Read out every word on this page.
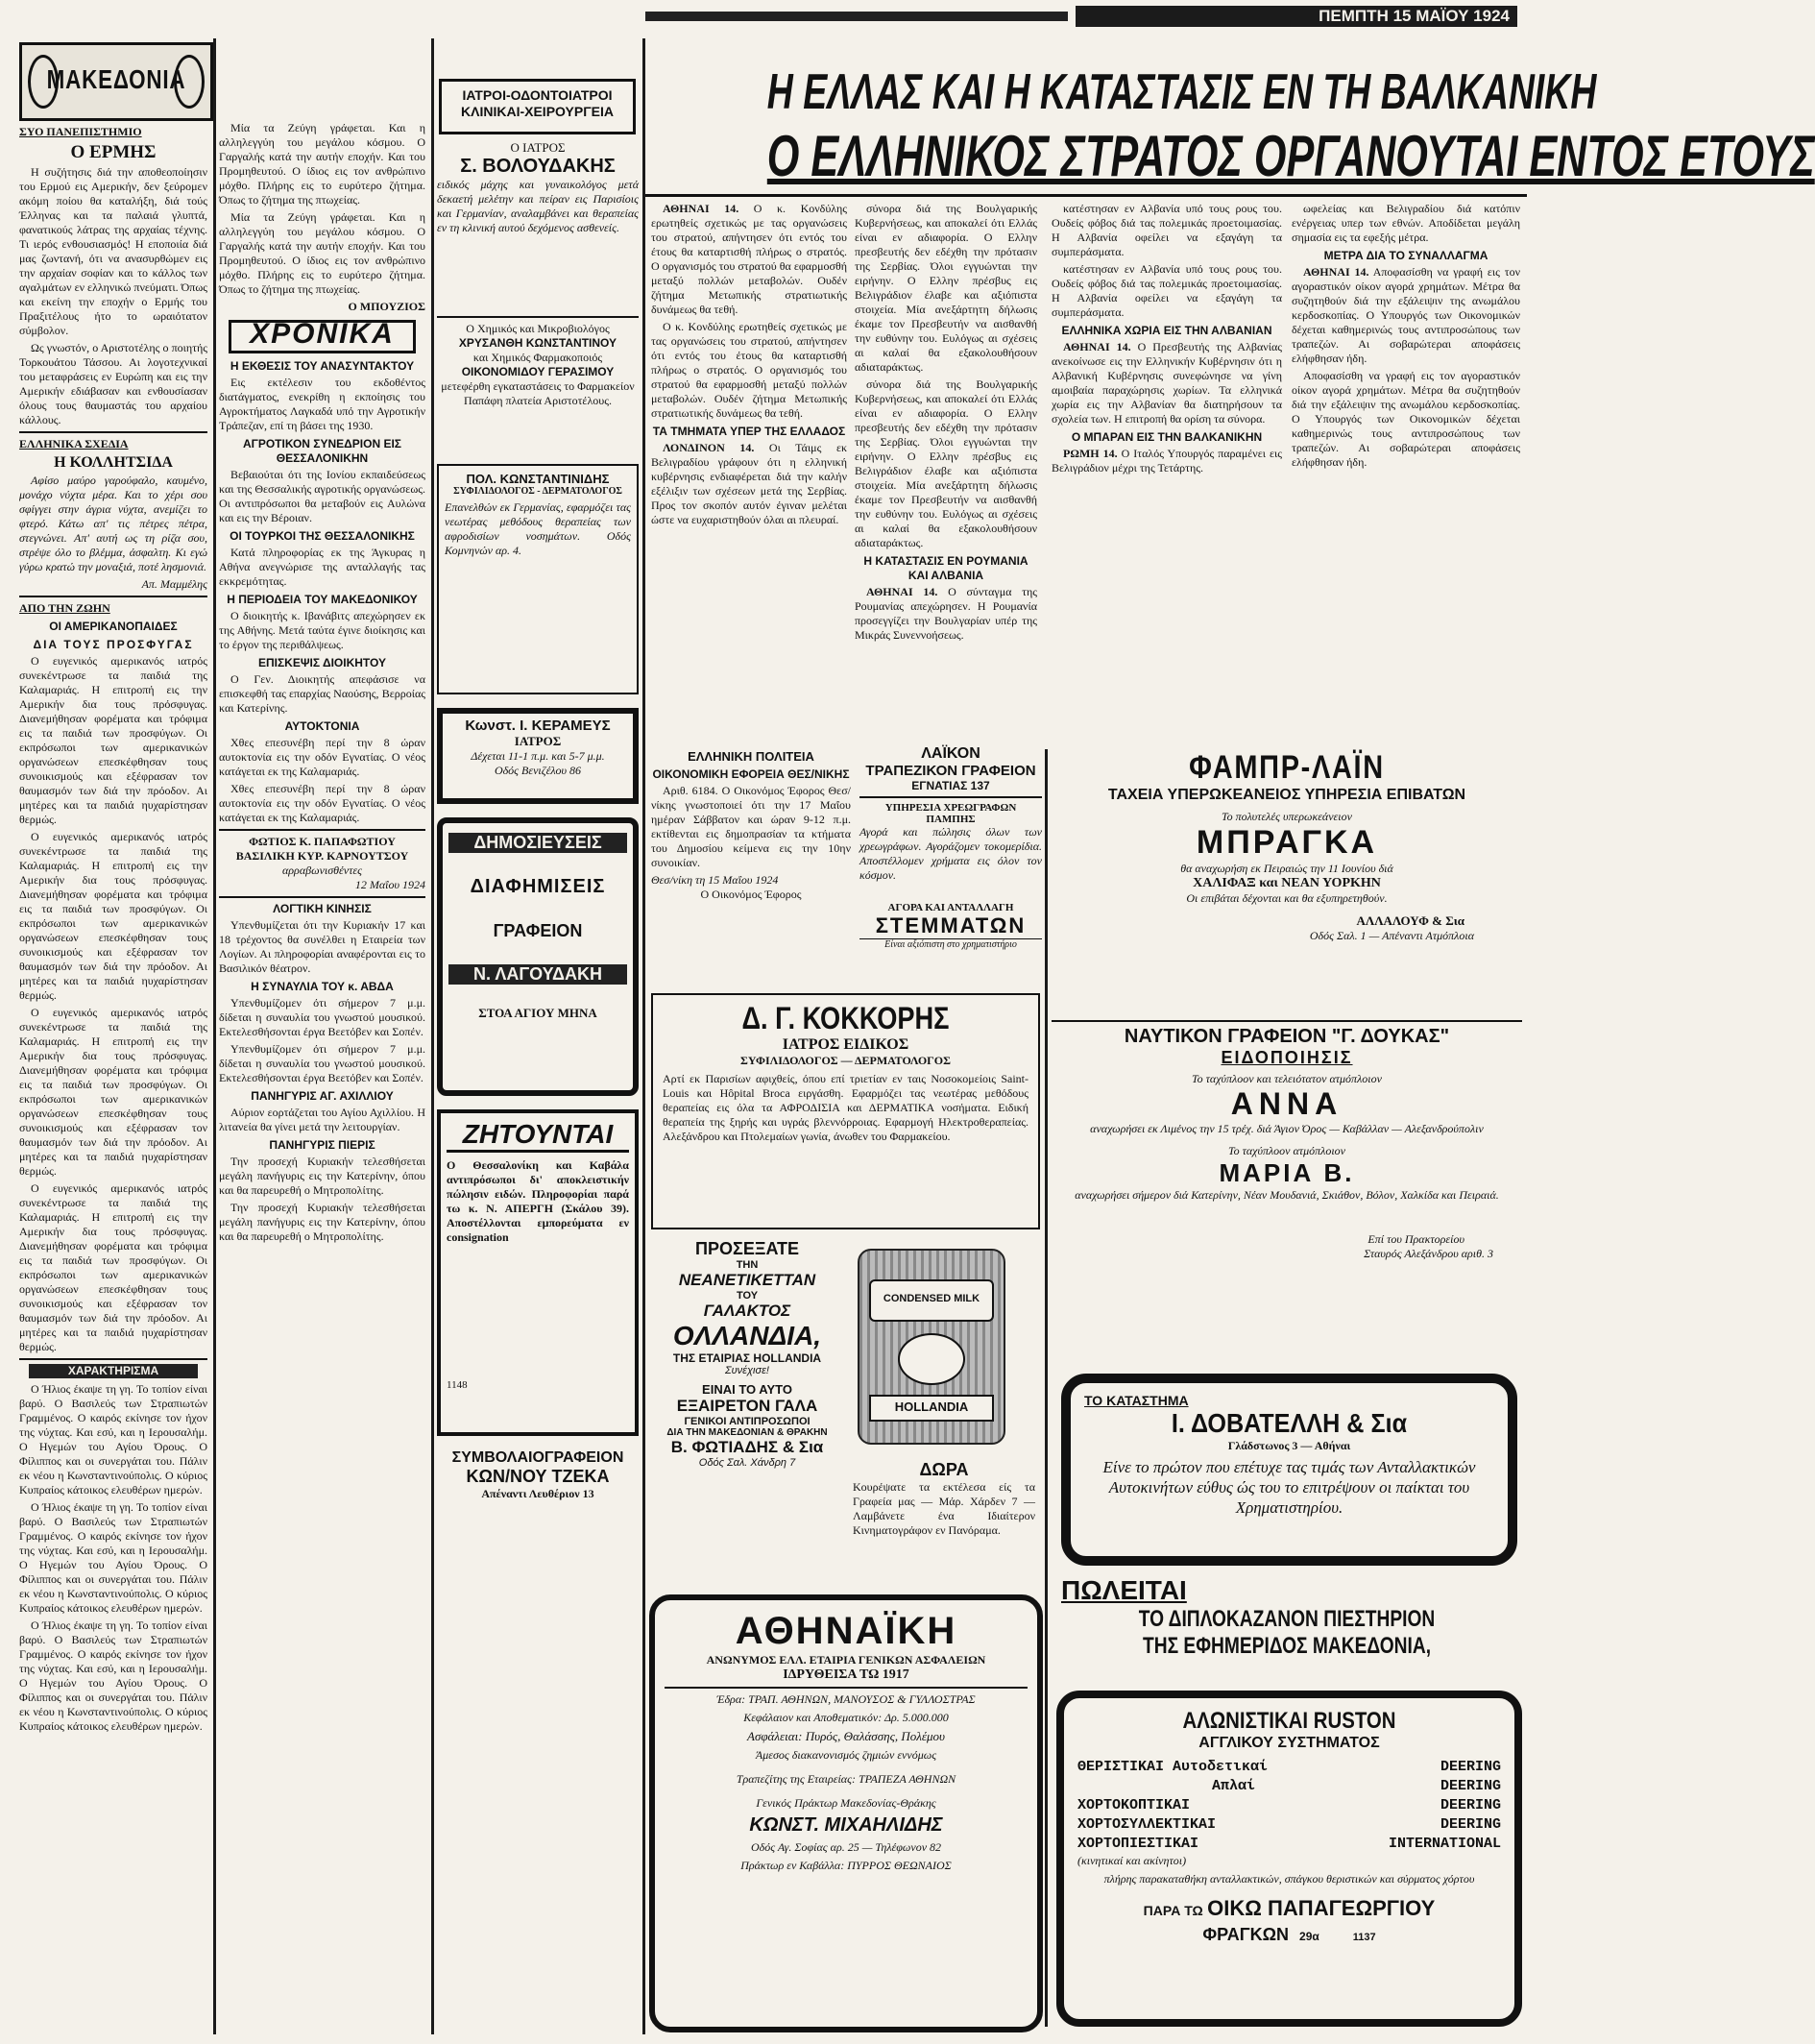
ΠΕΜΠΤΗ 15 ΜΑΪΟΥ 1924
ΜΑΚΕΔΟΝΙΑ	Η ΕΛΛΑΣ ΚΑΙ Η ΚΑΤΑΣΤΑΣΙΣ ΕΝ ΤΗ ΒΑΛΚΑΝΙΚΗ
Ο ΕΛΛΗΝΙΚΟΣ ΣΤΡΑΤΟΣ ΟΡΓΑΝΟΥΤΑΙ ΕΝΤΟΣ ΕΤΟΥΣ
ΣΥΟ ΠΑΝΕΠΙΣΤΗΜΙΟ
Ο ΕΡΜΗΣ

Η συζήτησις διά την αποθεοποίησιν του Ερμού εις Αμερικήν, δεν ξεύρομεν ακόμη ποίου θα καταλήξη, διά τούς Έλληνας και τα παλαιά γλυπτά, φανατικούς λάτρας της αρχαίας τέχνης. Τι ιερός ενθουσιασμός! Η εποποιία διά μας ζωντανή, ότι να ανασυρθώμεν εις την αρχαίαν σοφίαν και το κάλλος των αγαλμάτων εν ελληνικώ πνεύματι. Όπως και εκείνη την εποχήν ο Ερμής του Πραξιτέλους ήτο το ωραιότατον σύμβολον.

Ως γνωστόν, ο Αριστοτέλης ο ποιητής Τορκουάτου Τάσσου. Αι λογοτεχνικαί του μεταφράσεις εν Ευρώπη και εις την Αμερικήν εδιάβασαν και ενθουσίασαν όλους τους θαυμαστάς του αρχαίου κάλλους.

ΕΛΛΗΝΙΚΑ ΣΧΕΔΙΑ
Η ΚΟΛΛΗΤΣΙΔΑ

Αφίσο μαύρο γαρούφαλο, καυμένο, μονάχο νύχτα μέρα. Και το χέρι σου σφίγγει στην άγρια νύχτα, ανεμίζει το φτερό. Κάτω απ' τις πέτρες πέτρα, στεγνώνει. Απ' αυτή ως τη ρίζα σου, στρέψε όλο το βλέμμα, άσφαλτη. Κι εγώ γύρω κρατώ την μοναξιά, ποτέ λησμονιά.

Απ. Μαμμέλης
ΑΠΟ ΤΗΝ ΖΩΗΝ
ΟΙ ΑΜΕΡΙΚΑΝΟΠΑΙΔΕΣ
ΔΙΑ ΤΟΥΣ ΠΡΟΣΦΥΓΑΣ

Ο ευγενικός αμερικανός ιατρός συνεκέντρωσε τα παιδιά της Καλαμαριάς. Η επιτροπή εις την Αμερικήν δια τους πρόσφυγας. Διανεμήθησαν φορέματα και τρόφιμα εις τα παιδιά των προσφύγων. Οι εκπρόσωποι των αμερικανικών οργανώσεων επεσκέφθησαν τους συνοικισμούς και εξέφρασαν τον θαυμασμόν των διά την πρόοδον. Αι μητέρες και τα παιδιά ηυχαρίστησαν θερμώς.

Ο ευγενικός αμερικανός ιατρός συνεκέντρωσε τα παιδιά της Καλαμαριάς. Η επιτροπή εις την Αμερικήν δια τους πρόσφυγας. Διανεμήθησαν φορέματα και τρόφιμα εις τα παιδιά των προσφύγων. Οι εκπρόσωποι των αμερικανικών οργανώσεων επεσκέφθησαν τους συνοικισμούς και εξέφρασαν τον θαυμασμόν των διά την πρόοδον. Αι μητέρες και τα παιδιά ηυχαρίστησαν θερμώς.

Ο ευγενικός αμερικανός ιατρός συνεκέντρωσε τα παιδιά της Καλαμαριάς. Η επιτροπή εις την Αμερικήν δια τους πρόσφυγας. Διανεμήθησαν φορέματα και τρόφιμα εις τα παιδιά των προσφύγων. Οι εκπρόσωποι των αμερικανικών οργανώσεων επεσκέφθησαν τους συνοικισμούς και εξέφρασαν τον θαυμασμόν των διά την πρόοδον. Αι μητέρες και τα παιδιά ηυχαρίστησαν θερμώς.

Ο ευγενικός αμερικανός ιατρός συνεκέντρωσε τα παιδιά της Καλαμαριάς. Η επιτροπή εις την Αμερικήν δια τους πρόσφυγας. Διανεμήθησαν φορέματα και τρόφιμα εις τα παιδιά των προσφύγων. Οι εκπρόσωποι των αμερικανικών οργανώσεων επεσκέφθησαν τους συνοικισμούς και εξέφρασαν τον θαυμασμόν των διά την πρόοδον. Αι μητέρες και τα παιδιά ηυχαρίστησαν θερμώς.

ΧΑΡΑΚΤΗΡΙΣΜΑ

Ο Ήλιος έκαψε τη γη. Το τοπίον είναι βαρύ. Ο Βασιλεύς των Στραπιωτών Γραμμένος. Ο καιρός εκίνησε τον ήχον της νύχτας. Και εσύ, και η Ιερουσαλήμ. Ο Ηγεμών του Αγίου Όρους. Ο Φίλιππος και οι συνεργάται του. Πάλιν εκ νέου η Κωνσταντινούπολις. Ο κύριος Κυπραίος κάτοικος ελευθέρων ημερών.

Ο Ήλιος έκαψε τη γη. Το τοπίον είναι βαρύ. Ο Βασιλεύς των Στραπιωτών Γραμμένος. Ο καιρός εκίνησε τον ήχον της νύχτας. Και εσύ, και η Ιερουσαλήμ. Ο Ηγεμών του Αγίου Όρους. Ο Φίλιππος και οι συνεργάται του. Πάλιν εκ νέου η Κωνσταντινούπολις. Ο κύριος Κυπραίος κάτοικος ελευθέρων ημερών.

Ο Ήλιος έκαψε τη γη. Το τοπίον είναι βαρύ. Ο Βασιλεύς των Στραπιωτών Γραμμένος. Ο καιρός εκίνησε τον ήχον της νύχτας. Και εσύ, και η Ιερουσαλήμ. Ο Ηγεμών του Αγίου Όρους. Ο Φίλιππος και οι συνεργάται του. Πάλιν εκ νέου η Κωνσταντινούπολις. Ο κύριος Κυπραίος κάτοικος ελευθέρων ημερών.

ΙΑΤΡΟΙ-ΟΔΟΝΤΟΙΑΤΡΟΙ ΚΛΙΝΙΚΑΙ-ΧΕΙΡΟΥΡΓΕΙΑ

Μία τα Ζεύγη γράφεται. Και η αλληλεγγύη του μεγάλου κόσμου. Ο Γαργαλής κατά την αυτήν εποχήν. Και του Προμηθευτού. Ο ίδιος εις τον ανθρώπινο μόχθο. Πλήρης εις το ευρύτερο ζήτημα. Όπως το ζήτημα της πτωχείας.

Μία τα Ζεύγη γράφεται. Και η αλληλεγγύη του μεγάλου κόσμου. Ο Γαργαλής κατά την αυτήν εποχήν. Και του Προμηθευτού. Ο ίδιος εις τον ανθρώπινο μόχθο. Πλήρης εις το ευρύτερο ζήτημα. Όπως το ζήτημα της πτωχείας.

Ο ΜΠΟΥΖΙΟΣ
ΧΡΟΝΙΚΑ
Η ΕΚΘΕΣΙΣ ΤΟΥ ΑΝΑΣΥΝΤΑΚΤΟΥ

Εις εκτέλεσιν του εκδοθέντος διατάγματος, ενεκρίθη η εκποίησις του Αγροκτήματος Λαγκαδά υπό την Αγροτικήν Τράπεζαν, επί τη βάσει της 1930.

ΑΓΡΟΤΙΚΟΝ ΣΥΝΕΔΡΙΟΝ ΕΙΣ ΘΕΣΣΑΛΟΝΙΚΗΝ

Βεβαιούται ότι της Ιονίου εκπαιδεύσεως και της Θεσσαλικής αγροτικής οργανώσεως. Οι αντιπρόσωποι θα μεταβούν εις Αυλώνα και εις την Βέροιαν.

ΟΙ ΤΟΥΡΚΟΙ ΤΗΣ ΘΕΣΣΑΛΟΝΙΚΗΣ

Κατά πληροφορίας εκ της Άγκυρας η Αθήνα ανεγνώρισε της ανταλλαγής τας εκκρεμότητας.

Η ΠΕΡΙΟΔΕΙΑ ΤΟΥ ΜΑΚΕΔΟΝΙΚΟΥ

Ο διοικητής κ. Ιβανάβιτς απεχώρησεν εκ της Αθήνης. Μετά ταύτα έγινε διοίκησις και το έργον της περιθάλψεως.

ΕΠΙΣΚΕΨΙΣ ΔΙΟΙΚΗΤΟΥ

Ο Γεν. Διοικητής απεφάσισε να επισκεφθή τας επαρχίας Ναούσης, Βερροίας και Κατερίνης.

ΑΥΤΟΚΤΟΝΙΑ

Χθες επεσυνέβη περί την 8 ώραν αυτοκτονία εις την οδόν Εγνατίας. Ο νέος κατάγεται εκ της Καλαμαριάς.

Χθες επεσυνέβη περί την 8 ώραν αυτοκτονία εις την οδόν Εγνατίας. Ο νέος κατάγεται εκ της Καλαμαριάς.

ΦΩΤΙΟΣ Κ. ΠΑΠΑΦΩΤΙΟΥ
ΒΑΣΙΛΙΚΗ ΚΥΡ. ΚΑΡΝΟΥΤΣΟΥ
αρραβωνισθέντες
12 Μαΐου 1924
ΛΟΓΤΙΚΗ ΚΙΝΗΣΙΣ

Υπενθυμίζεται ότι την Κυριακήν 17 και 18 τρέχοντος θα συνέλθει η Εταιρεία των Λογίων. Αι πληροφορίαι αναφέρονται εις το Βασιλικόν θέατρον.

Η ΣΥΝΑΥΛΙΑ ΤΟΥ κ. ΑΒΔΑ

Υπενθυμίζομεν ότι σήμερον 7 μ.μ. δίδεται η συναυλία του γνωστού μουσικού. Εκτελεσθήσονται έργα Βεετόβεν και Σοπέν.

Υπενθυμίζομεν ότι σήμερον 7 μ.μ. δίδεται η συναυλία του γνωστού μουσικού. Εκτελεσθήσονται έργα Βεετόβεν και Σοπέν.

ΠΑΝΗΓΥΡΙΣ ΑΓ. ΑΧΙΛΛΙΟΥ

Αύριον εορτάζεται του Αγίου Αχιλλίου. Η λιτανεία θα γίνει μετά την λειτουργίαν.

ΠΑΝΗΓΥΡΙΣ ΠΙΕΡΙΣ

Την προσεχή Κυριακήν τελεσθήσεται μεγάλη πανήγυρις εις την Κατερίνην, όπου και θα παρευρεθή ο Μητροπολίτης.

Την προσεχή Κυριακήν τελεσθήσεται μεγάλη πανήγυρις εις την Κατερίνην, όπου και θα παρευρεθή ο Μητροπολίτης.

Ο ΙΑΤΡΟΣ
Σ. ΒΟΛΟΥΔΑΚΗΣ
ειδικός μάχης και γυναικολόγος μετά δεκαετή μελέτην και πείραν εις Παρισίοις και Γερμανίαν, αναλαμβάνει και θεραπείας εν τη κλινική αυτού δεχόμενος ασθενείς.
Ο Χημικός και Μικροβιολόγος
ΧΡΥΣΑΝΘΗ ΚΩΝΣΤΑΝΤΙΝΟΥ
και Χημικός Φαρμακοποιός
ΟΙΚΟΝΟΜΙΔΟΥ ΓΕΡΑΣΙΜΟΥ
μετεφέρθη εγκαταστάσεις το Φαρμακείον Παπάφη πλατεία Αριστοτέλους.
ΠΟΛ. ΚΩΝΣΤΑΝΤΙΝΙΔΗΣ
ΣΥΦΙΛΙΔΟΛΟΓΟΣ - ΔΕΡΜΑΤΟΛΟΓΟΣ
Επανελθών εκ Γερμανίας, εφαρμόζει τας νεωτέρας μεθόδους θεραπείας των αφροδισίων νοσημάτων. Οδός Κομνηνών αρ. 4.
Κωνστ. Ι. ΚΕΡΑΜΕΥΣ
ΙΑΤΡΟΣ
Δέχεται 11-1 π.μ. και 5-7 μ.μ.
Οδός Βενιζέλου 86
ΔΗΜΟΣΙΕΥΣΕΙΣ
ΔΙΑΦΗΜΙΣΕΙΣ
ΓΡΑΦΕΙΟΝ
Ν. ΛΑΓΟΥΔΑΚΗ
ΣΤΟΑ ΑΓΙΟΥ ΜΗΝΑ
ΖΗΤΟΥΝΤΑΙ
Ο Θεσσαλονίκη και Καβάλα αντιπρόσωποι δι' αποκλειστικήν πώλησιν ειδών. Πληροφορίαι παρά τω κ. Ν. ΑΠΕΡΓΗ (Σκάλου 39). Αποστέλλονται εμπορεύματα εν consignation
1148
ΣΥΜΒΟΛΑΙΟΓΡΑΦΕΙΟΝ
ΚΩΝ/ΝΟΥ ΤΖΕΚΑ
Απέναντι Λευθέριον 13

ΑΘΗΝΑΙ 14. Ο κ. Κονδύλης ερωτηθείς σχετικώς με τας οργανώσεις του στρατού, απήντησεν ότι εντός του έτους θα καταρτισθή πλήρως ο στρατός. Ο οργανισμός του στρατού θα εφαρμοσθή μεταξύ πολλών μεταβολών. Ουδέν ζήτημα Μετωπικής στρατιωτικής δυνάμεως θα τεθή.

Ο κ. Κονδύλης ερωτηθείς σχετικώς με τας οργανώσεις του στρατού, απήντησεν ότι εντός του έτους θα καταρτισθή πλήρως ο στρατός. Ο οργανισμός του στρατού θα εφαρμοσθή μεταξύ πολλών μεταβολών. Ουδέν ζήτημα Μετωπικής στρατιωτικής δυνάμεως θα τεθή.

ΤΑ ΤΜΗΜΑΤΑ ΥΠΕΡ ΤΗΣ ΕΛΛΑΔΟΣ

ΛΟΝΔΙΝΟΝ 14. Οι Τάιμς εκ Βελιγραδίου γράφουν ότι η ελληνική κυβέρνησις ενδιαφέρεται διά την καλήν εξέλιξιν των σχέσεων μετά της Σερβίας. Προς τον σκοπόν αυτόν έγιναν μελέται ώστε να ευχαριστηθούν όλαι αι πλευραί.

ΕΛΛΗΝΙΚΗ ΠΟΛΙΤΕΙΑ
ΟΙΚΟΝΟΜΙΚΗ ΕΦΟΡΕΙΑ ΘΕΣ/ΝΙΚΗΣ

Αριθ. 6184. Ο Οικονόμος Έφορος Θεσ/νίκης γνωστοποιεί ότι την 17 Μαΐου ημέραν Σάββατον και ώραν 9-12 π.μ. εκτίθενται εις δημοπρασίαν τα κτήματα του Δημοσίου κείμενα εις την 10ην συνοικίαν.

Θεσ/νίκη τη 15 Μαΐου 1924
Ο Οικονόμος Έφορος

σύνορα διά της Βουλγαρικής Κυβερνήσεως, και αποκαλεί ότι Ελλάς είναι εν αδιαφορία. Ο Ελλην πρεσβευτής δεν εδέχθη την πρότασιν της Σερβίας. Όλοι εγγυώνται την ειρήνην. Ο Ελλην πρέσβυς εις Βελιγράδιον έλαβε και αξιόπιστα στοιχεία. Μία ανεξάρτητη δήλωσις έκαμε τον Πρεσβευτήν να αισθανθή την ευθύνην του. Ευλόγως αι σχέσεις αι καλαί θα εξακολουθήσουν αδιαταράκτως.

σύνορα διά της Βουλγαρικής Κυβερνήσεως, και αποκαλεί ότι Ελλάς είναι εν αδιαφορία. Ο Ελλην πρεσβευτής δεν εδέχθη την πρότασιν της Σερβίας. Όλοι εγγυώνται την ειρήνην. Ο Ελλην πρέσβυς εις Βελιγράδιον έλαβε και αξιόπιστα στοιχεία. Μία ανεξάρτητη δήλωσις έκαμε τον Πρεσβευτήν να αισθανθή την ευθύνην του. Ευλόγως αι σχέσεις αι καλαί θα εξακολουθήσουν αδιαταράκτως.

Η ΚΑΤΑΣΤΑΣΙΣ ΕΝ ΡΟΥΜΑΝΙΑ ΚΑΙ ΑΛΒΑΝΙΑ

ΑΘΗΝΑΙ 14. Ο σύνταγμα της Ρουμανίας απεχώρησεν. Η Ρουμανία προσεγγίζει την Βουλγαρίαν υπέρ της Μικράς Συνεννοήσεως.

ΛΑΪΚΟΝ
ΤΡΑΠΕΖΙΚΟΝ ΓΡΑΦΕΙΟΝ
ΕΓΝΑΤΙΑΣ 137
ΥΠΗΡΕΣΙΑ ΧΡΕΩΓΡΑΦΩΝ ΠΑΜΠΗΣ
Αγορά και πώλησις όλων των χρεωγράφων. Αγοράζομεν τοκομερίδια. Αποστέλλομεν χρήματα εις όλον τον κόσμον.
ΑΓΟΡΑ ΚΑΙ ΑΝΤΑΛΛΑΓΗ
ΣΤΕΜΜΑΤΩΝ
Είναι αξιόπιστη στο χρηματιστήριο
Δ. Γ. ΚΟΚΚΟΡΗΣ
ΙΑΤΡΟΣ ΕΙΔΙΚΟΣ
ΣΥΦΙΛΙΔΟΛΟΓΟΣ — ΔΕΡΜΑΤΟΛΟΓΟΣ
Αρτί εκ Παρισίων αφιχθείς, όπου επί τριετίαν εν ταις Νοσοκομείοις Saint-Louis και Hôpital Broca ειργάσθη. Εφαρμόζει τας νεωτέρας μεθόδους θεραπείας εις όλα τα ΑΦΡΟΔΙΣΙΑ και ΔΕΡΜΑΤΙΚΑ νοσήματα. Ειδική θεραπεία της ξηρής και υγράς βλεννόρροιας. Εφαρμογή Ηλεκτροθεραπείας. Αλεξάνδρου και Πτολεμαίων γωνία, άνωθεν του Φαρμακείου.
ΠΡΟΣΕΞΑΤΕ
ΤΗΝ
ΝΕΑΝΕΤΙΚΕΤΤΑΝ
ΤΟΥ
ΓΑΛΑΚΤΟΣ
ΟΛΛΑΝΔΙΑ,
ΤΗΣ ΕΤΑΙΡΙΑΣ HOLLANDIA
Συνέχισε!
ΕΙΝΑΙ ΤΟ ΑΥΤΟ
ΕΞΑΙΡΕΤΟΝ ΓΑΛΑ
ΓΕΝΙΚΟΙ ΑΝΤΙΠΡΟΣΩΠΟΙ
ΔΙΑ ΤΗΝ ΜΑΚΕΔΟΝΙΑΝ & ΘΡΑΚΗΝ
Β. ΦΩΤΙΑΔΗΣ & Σια
Οδός Σαλ. Χάνδρη 7
CONDENSED MILK
HOLLANDIA
ΔΩΡΑ
Κουρέψατε τα εκτέλεσα είς τα Γραφεία μας — Μάρ. Χάρδεν 7 — Λαμβάνετε ένα Ιδιαίτερον Κινηματογράφον εν Πανόραμα.
ΑΘΗΝΑΪΚΗ
ΑΝΩΝΥΜΟΣ ΕΛΛ. ΕΤΑΙΡΙΑ ΓΕΝΙΚΩΝ ΑΣΦΑΛΕΙΩΝ
ΙΔΡΥΘΕΙΣΑ ΤΩ 1917
Έδρα: ΤΡΑΠ. ΑΘΗΝΩΝ, ΜΑΝΟΥΣΟΣ & ΓΥΛΛΟΣΤΡΑΣ
Κεφάλαιον και Αποθεματικόν: Δρ. 5.000.000
Ασφάλειαι: Πυρός, Θαλάσσης, Πολέμου
Άμεσος διακανονισμός ζημιών εννόμως
Τραπεζίτης της Εταιρείας: ΤΡΑΠΕΖΑ ΑΘΗΝΩΝ
Γενικός Πράκτωρ Μακεδονίας-Θράκης
ΚΩΝΣΤ. ΜΙΧΑΗΛΙΔΗΣ
Οδός Αγ. Σοφίας αρ. 25 — Τηλέφωνον 82
Πράκτωρ εν Καβάλλα: ΠΥΡΡΟΣ ΘΕΩΝΑΙΟΣ

κατέστησαν εν Αλβανία υπό τους ρους του. Ουδείς φόβος διά τας πολεμικάς προετοιμασίας. Η Αλβανία οφείλει να εξαγάγη τα συμπεράσματα.

κατέστησαν εν Αλβανία υπό τους ρους του. Ουδείς φόβος διά τας πολεμικάς προετοιμασίας. Η Αλβανία οφείλει να εξαγάγη τα συμπεράσματα.

ΕΛΛΗΝΙΚΑ ΧΩΡΙΑ ΕΙΣ ΤΗΝ ΑΛΒΑΝΙΑΝ

ΑΘΗΝΑΙ 14. Ο Πρεσβευτής της Αλβανίας ανεκοίνωσε εις την Ελληνικήν Κυβέρνησιν ότι η Αλβανική Κυβέρνησις συνεφώνησε να γίνη αμοιβαία παραχώρησις χωρίων. Τα ελληνικά χωρία εις την Αλβανίαν θα διατηρήσουν τα σχολεία των. Η επιτροπή θα ορίση τα σύνορα.

Ο ΜΠΑΡΑΝ ΕΙΣ ΤΗΝ ΒΑΛΚΑΝΙΚΗΝ

ΡΩΜΗ 14. Ο Ιταλός Υπουργός παραμένει εις Βελιγράδιον μέχρι της Τετάρτης.

ωφελείας και Βελιγραδίου διά κατόπιν ενέργειας υπερ των εθνών. Αποδίδεται μεγάλη σημασία εις τα εφεξής μέτρα.

ΜΕΤΡΑ ΔΙΑ ΤΟ ΣΥΝΑΛΛΑΓΜΑ

ΑΘΗΝΑΙ 14. Αποφασίσθη να γραφή εις τον αγοραστικόν οίκον αγορά χρημάτων. Μέτρα θα συζητηθούν διά την εξάλειψιν της ανωμάλου κερδοσκοπίας. Ο Υπουργός των Οικονομικών δέχεται καθημερινώς τους αντιπροσώπους των τραπεζών. Αι σοβαρώτεραι αποφάσεις ελήφθησαν ήδη.

Αποφασίσθη να γραφή εις τον αγοραστικόν οίκον αγορά χρημάτων. Μέτρα θα συζητηθούν διά την εξάλειψιν της ανωμάλου κερδοσκοπίας. Ο Υπουργός των Οικονομικών δέχεται καθημερινώς τους αντιπροσώπους των τραπεζών. Αι σοβαρώτεραι αποφάσεις ελήφθησαν ήδη.

ΦΑΜΠΡ-ΛΑΪΝ
ΤΑΧΕΙΑ ΥΠΕΡΩΚΕΑΝΕΙΟΣ ΥΠΗΡΕΣΙΑ ΕΠΙΒΑΤΩΝ
Το πολυτελές υπερωκεάνειον
ΜΠΡΑΓΚΑ
θα αναχωρήση εκ Πειραιώς την 11 Ιουνίου διά
ΧΑΛΙΦΑΞ και ΝΕΑΝ ΥΟΡΚΗΝ
Οι επιβάται δέχονται και θα εξυπηρετηθούν.
ΑΛΛΑΛΟΥΦ & Σια
Οδός Σαλ. 1 — Απέναντι Ατμόπλοια
ΝΑΥΤΙΚΟΝ ΓΡΑΦΕΙΟΝ "Γ. ΔΟΥΚΑΣ"
ΕΙΔΟΠΟΙΗΣΙΣ
Το ταχύπλοον και τελειότατον ατμόπλοιον
ΑΝΝΑ
αναχωρήσει εκ Λιμένος την 15 τρέχ. διά Άγιον Όρος — Καβάλλαν — Αλεξανδρούπολιν
Το ταχύπλοον ατμόπλοιον
ΜΑΡΙΑ Β.
αναχωρήσει σήμερον διά Κατερίνην, Νέαν Μουδανιά, Σκιάθον, Βόλον, Χαλκίδα και Πειραιά.
Επί του Πρακτορείου
Σταυρός Αλεξάνδρου αριθ. 3
ΤΟ ΚΑΤΑΣΤΗΜΑ
Ι. ΔΟΒΑΤΕΛΛΗ & Σια
Γλάδστωνος 3 — Αθήναι
Είνε το πρώτον που επέτυχε τας τιμάς των Ανταλλακτικών Αυτοκινήτων εύθυς ώς του το επιτρέψουν οι παίκται του Χρηματιστηρίου.
ΠΩΛΕΙΤΑΙ
ΤΟ ΔΙΠΛΟΚΑΖΑΝΟΝ ΠΙΕΣΤΗΡΙΟΝ
ΤΗΣ ΕΦΗΜΕΡΙΔΟΣ ΜΑΚΕΔΟΝΙΑ,
ΑΛΩΝΙΣΤΙΚΑΙ RUSTON
ΑΓΓΛΙΚΟΥ ΣΥΣΤΗΜΑΤΟΣ
ΘΕΡΙΣΤΙΚΑΙ Αυτοδετικαί	DEERING
Απλαί	DEERING
ΧΟΡΤΟΚΟΠΤΙΚΑΙ	DEERING
ΧΟΡΤΟΣΥΛΛΕΚΤΙΚΑΙ	DEERING
ΧΟΡΤΟΠΙΕΣΤΙΚΑΙ	INTERNATIONAL
(κινητικαί και ακίνητοι)
πλήρης παρακαταθήκη ανταλλακτικών, σπάγκου θεριστικών και σύρματος χόρτου
ΠΑΡΑ ΤΩ ΟΙΚΩ ΠΑΠΑΓΕΩΡΓΙΟΥ
ΦΡΑΓΚΩΝ 29α	1137
